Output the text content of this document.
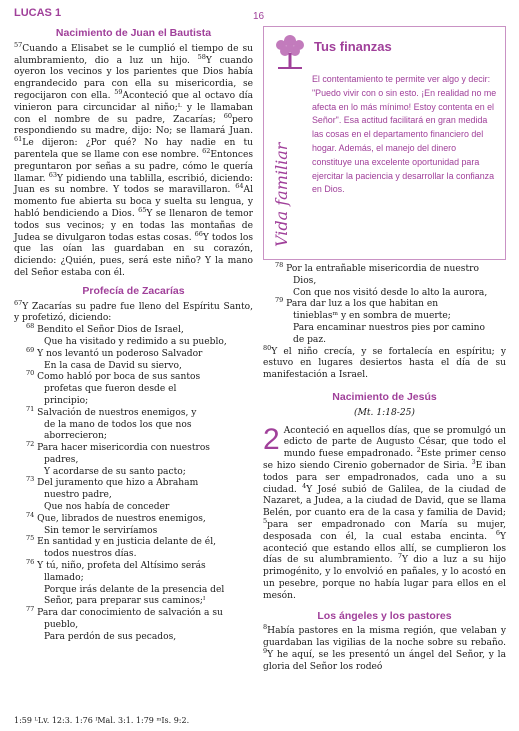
LUCAS 1	16
Nacimiento de Juan el Bautista

$^{57}$Cuando a Elisabet se le cumplió el tiempo de su alumbramiento, dio a luz un hijo. $^{58}$Y cuando oyeron los vecinos y los parientes que Dios había engrandecido para con ella su misericordia, se regocijaron con ella. $^{59}$Aconteció que al octavo día vinieron para circuncidar al niño;ᴸ y le llamaban con el nombre de su padre, Zacarías; $^{60}$pero respondiendo su madre, dijo: No; se llamará Juan. $^{61}$Le dijeron: ¿Por qué? No hay nadie en tu parentela que se llame con ese nombre. $^{62}$Entonces preguntaron por señas a su padre, cómo le quería llamar. $^{63}$Y pidiendo una tablilla, escribió, diciendo: Juan es su nombre. Y todos se maravillaron. $^{64}$Al momento fue abierta su boca y suelta su lengua, y habló bendiciendo a Dios. $^{65}$Y se llenaron de temor todos sus vecinos; y en todas las montañas de Judea se divulgaron todas estas cosas. $^{66}$Y todos los que las oían las guardaban en su corazón, diciendo: ¿Quién, pues, será este niño? Y la mano del Señor estaba con él.

Profecía de Zacarías

$^{67}$Y Zacarías su padre fue lleno del Espíritu Santo, y profetizó, diciendo:

$^{68}$ Bendito el Señor Dios de Israel,
Que ha visitado y redimido a su pueblo,
$^{69}$ Y nos levantó un poderoso Salvador
En la casa de David su siervo,
$^{70}$ Como habló por boca de sus santos
profetas que fueron desde el
principio;
$^{71}$ Salvación de nuestros enemigos, y
de la mano de todos los que nos
aborrecieron;
$^{72}$ Para hacer misericordia con nuestros
padres,
Y acordarse de su santo pacto;
$^{73}$ Del juramento que hizo a Abraham
nuestro padre,
Que nos había de conceder
$^{74}$ Que, librados de nuestros enemigos,
Sin temor le serviríamos
$^{75}$ En santidad y en justicia delante de él,
todos nuestros días.
$^{76}$ Y tú, niño, profeta del Altísimo serás
llamado;
Porque irás delante de la presencia del
Señor, para preparar sus caminos;ᴵ
$^{77}$ Para dar conocimiento de salvación a su
pueblo,
Para perdón de sus pecados,
1:59 ᴸLv. 12:3. 1:76 ᴵMal. 3:1. 1:79 ᵐIs. 9:2.
Tus finanzas
Vida familiar
El contentamiento te permite ver algo y decir: "Puedo vivir con o sin esto. ¡En realidad no me afecta en lo más mínimo! Estoy contenta en el Señor". Esa actitud facilitará en gran medida las cosas en el departamento financiero del hogar. Además, el manejo del dinero constituye una excelente oportunidad para ejercitar la paciencia y desarrollar la confianza en Dios.
$^{78}$ Por la entrañable misericordia de nuestro
Dios,
Con que nos visitó desde lo alto la aurora,
$^{79}$ Para dar luz a los que habitan en
tinieblasᵐ y en sombra de muerte;
Para encaminar nuestros pies por camino
de paz.

$^{80}$Y el niño crecía, y se fortalecía en espíritu; y estuvo en lugares desiertos hasta el día de su manifestación a Israel.

Nacimiento de Jesús
(Mt. 1:18-25)

2 Aconteció en aquellos días, que se promulgó un edicto de parte de Augusto César, que todo el mundo fuese empadronado. $^2$Este primer censo se hizo siendo Cirenio gobernador de Siria. $^3$E iban todos para ser empadronados, cada uno a su ciudad. $^4$Y José subió de Galilea, de la ciudad de Nazaret, a Judea, a la ciudad de David, que se llama Belén, por cuanto era de la casa y familia de David; $^5$para ser empadronado con María su mujer, desposada con él, la cual estaba encinta. $^6$Y aconteció que estando ellos allí, se cumplieron los días de su alumbramiento. $^7$Y dio a luz a su hijo primogénito, y lo envolvió en pañales, y lo acostó en un pesebre, porque no había lugar para ellos en el mesón.

Los ángeles y los pastores

$^8$Había pastores en la misma región, que velaban y guardaban las vigilias de la noche sobre su rebaño. $^9$Y he aquí, se les presentó un ángel del Señor, y la gloria del Señor los rodeó
